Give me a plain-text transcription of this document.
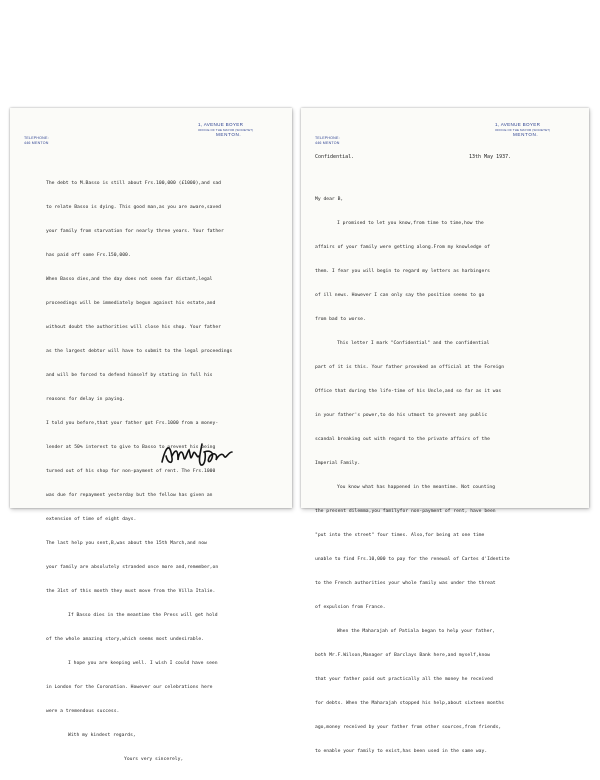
TELEPHONE:
446 MENTON
1, AVENUE BOYER
OFFICE OF THE MAYOR (SOCIETE?)
MENTON.

The debt to M.Basso is still about Frs.100,000 (£1000),and sad

to relate Basso is dying. This good man,as you are aware,saved

your family from starvation for nearly three years. Your father

has paid off some Frs.150,000.

When Basso dies,and the day does not seem far distant,legal

proceedings will be immediately begun against his estate,and

without doubt the authorities will close his shop. Your father

as the largest debtor will have to submit to the legal proceedings

and will be forced to defend himself by stating in full his

reasons for delay in paying.

I told you before,that your father got Frs.1000 from a money-

lender at 50% interest to give to Basso to prevent his being

turned out of his shop for non-payment of rent. The Frs.1000

was due for repayment yesterday but the fellow has given an

extension of time of eight days.

The last help you sent,B,was about the 15th March,and now

your family are absolutely stranded once more and,remember,on

the 31st of this month they must move from the Villa Italie.

If Basso dies in the meantime the Press will get hold

of the whole amazing story,which seems most undesirable.

I hope you are keeping well. I wish I could have seen

in London for the Coronation. However our celebrations here

were a tremendous success.

With my kindest regards,

Yours very sincerely,

TELEPHONE:
446 MENTON
1, AVENUE BOYER
OFFICE OF THE MAYOR (SOCIETE?)
MENTON.
Confidential.	13th May 1937.

My dear B,

I promised to let you know,from time to time,how the

affairs of your family were getting along.From my knowledge of

them. I fear you will begin to regard my letters as harbingers

of ill news. However I can only say the position seems to go

from bad to worse.

This letter I mark "Confidential" and the confidential

part of it is this. Your father provoked an official at the Foreign

Office that during the life-time of his Uncle,and so far as it was

in your father's power,to do his utmost to prevent any public

scandal breaking out with regard to the private affairs of the

Imperial Family.

You know what has happened in the meantime. Not counting

the present dilemma,you familyfor non-payment of rent, have been

"put into the street" four times. Also,for being at one time

unable to find Frs.10,000 to pay for the renewal of Cartes d'Identite

to the French authorities your whole family was under the threat

of expulsion from France.

When the Maharajah of Patiala began to help your father,

both Mr.F.Wilson,Manager of Barclays Bank here,and myself,know

that your father paid out practically all the money he received

for debts. When the Maharajah stopped his help,about sixteen months

ago,money received by your father from other sources,from friends,

to enable your family to exist,has been used in the same way.
